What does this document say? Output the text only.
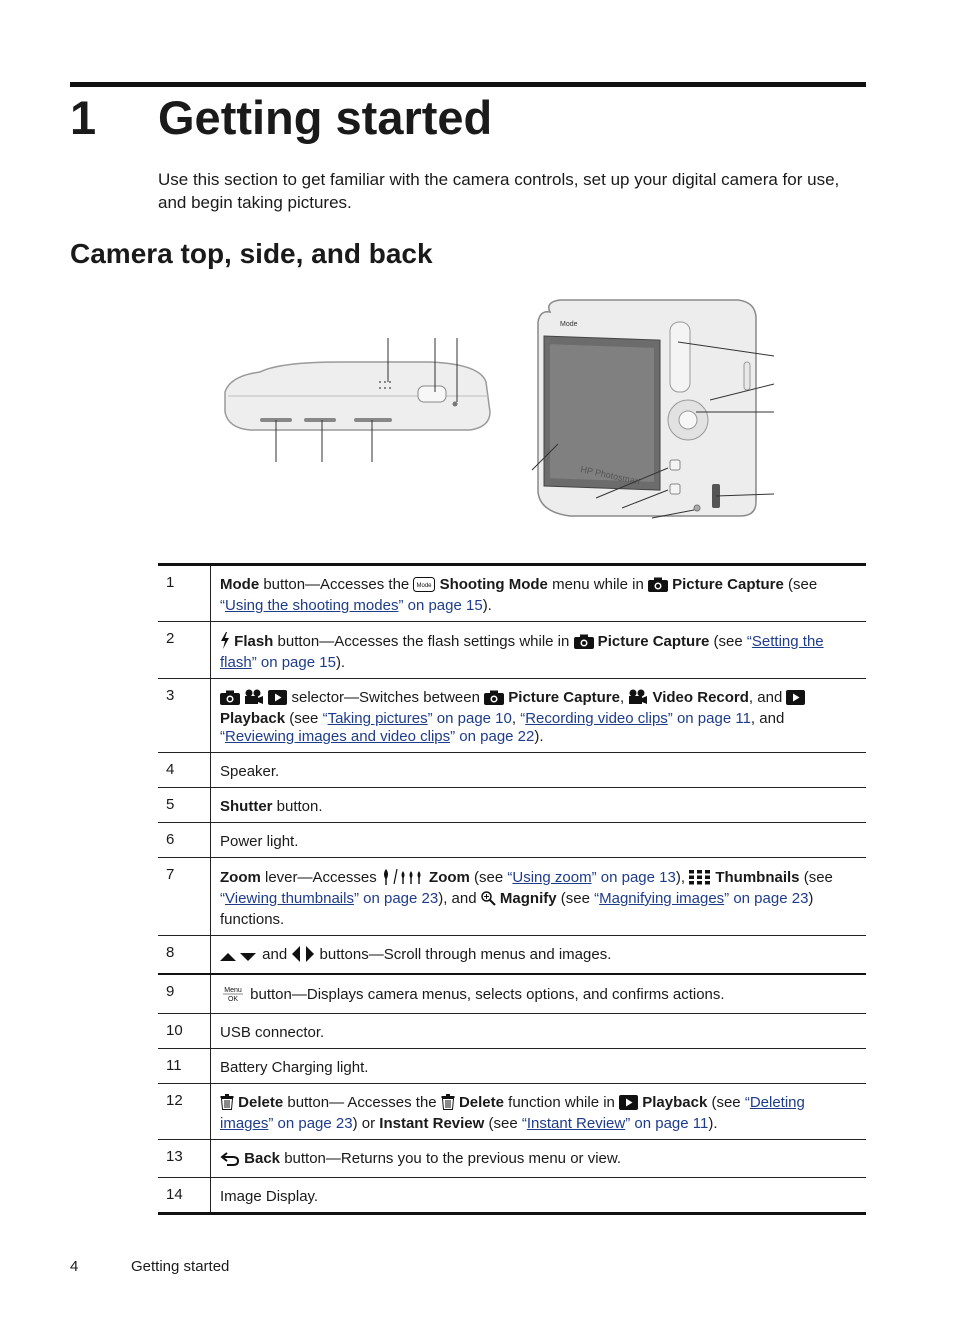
1 Getting started
Use this section to get familiar with the camera controls, set up your digital camera for use, and begin taking pictures.
Camera top, side, and back
Mode
HP Photosmart
1	Mode button—Accesses the Mode Shooting Mode menu while in  Picture Capture (see “Using the shooting modes” on page 15).
2	Flash button—Accesses the flash settings while in  Picture Capture (see “Setting the flash” on page 15).
3	selector—Switches between  Picture Capture,  Video Record, and  Playback (see “Taking pictures” on page 10, “Recording video clips” on page 11, and “Reviewing images and video clips” on page 22).
4	Speaker.
5	Shutter button.
6	Power light.
7	Zoom lever—Accesses Zoom (see “Using zoom” on page 13),  Thumbnails (see “Viewing thumbnails” on page 23), and  Magnify (see “Magnifying images” on page 23) functions.
8	and  buttons—Scroll through menus and images.
9	Menu
OK button—Displays camera menus, selects options, and confirms actions.
10	USB connector.
11	Battery Charging light.
12	Delete button— Accesses the  Delete function while in  Playback (see “Deleting images” on page 23) or Instant Review (see “Instant Review” on page 11).
13	Back button—Returns you to the previous menu or view.
14	Image Display.
4	Getting started
